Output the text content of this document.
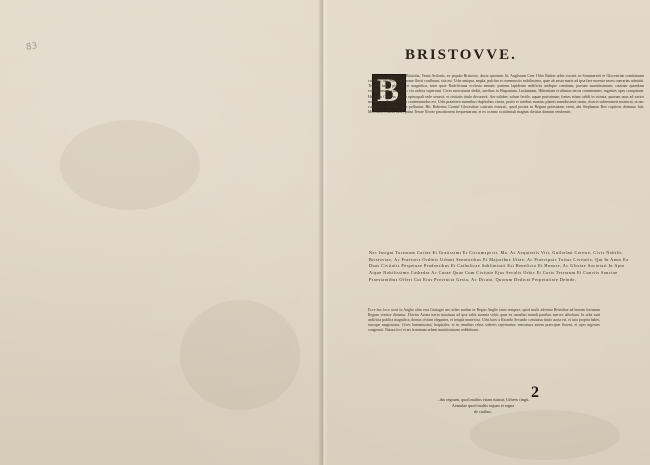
83	BRISTOVVE.
B	Bristolia, Venta Avilonis, ex populo Bristowe, ducta quorsum fit, Anglorum Ceer Odor Badon urbis vocant, in Sommerseti et Glocestriae comitatuum confinio, ubi Avona et Frome fluvii confluunt, sita est. Urbs antiqua, ampla, pulchra et commerciis nobilissima, quae ab aestu maris ad ipsa fere moenia naves onerarias admittit. Templa habet plurima et magnifica, inter quae Radcliviana ecclesia eminet; pontem lapideum aedificiis undique consitum; portum munitissimum; castrum quondam validissimum, cuius nunc vix rudera supersunt. Cives mercaturae dediti, navibus in Hispaniam, Lusitaniam, Hiberniam et ultimas terras commeantes, ingentes opes conquirunt. Henricus Octavus urbem episcopali sede ornavit, et civitatis titulo decoravit. Aer saluber, solum fertile, aquae purissimae; fontes etiam calidi in vicinia, quorum usus ad varios morbos profligandos non contemnendus est. Urbs praeterea moenibus duplicibus cincta, portis et turribus munita, plateis mundissimis strata, cloacis subterraneis instructa, ut nec coeno nec sordibus urbs polluatur. Hic Robertus Consul Glocestriae castrum extruxit, quod postea in Regum potestatem venit, ubi Stephanus Rex captivus detentus fuit. Mercatores huius urbis primi Terrae Novae piscationem frequentarunt, et ex oceano occidentali magnas divitias domum retulerunt.
Nec Insigni Turturum Curiae Et Gratissimi Et Circumspecti, Ma. Ac Aequitatis Viri, Guilielmi Carewe, Civis Nobilis Bristoviae, Ac Praetoris Ordinis Urbani Senatoribus Et Majoribus Uitae, Ac Praecipuis Totius Civitatis, Qui In Anno Ea Duas Civitatis Perpetuae Prudentibus Et Catholicae Sublimitati Est Beneficio Et Honore, Ac Gloriae Societati In Apto Atque Nobilissimo Cathedra Ac Curae Quae Cum Civitate Ejus Seculis Orbis Et Curis Terrarum Et Cunctis Sanctae Praestantibus Offert Cui Eius Provincia Gesta, Ac Dicata, Quorum Dedicat Perpetuitate Deinde.
Ecce hoc loco sicut in Anglia olim erat Cantagio nec urbes multae in Regno Anglie tanto tempore, quod multi adventu Bristoliae ad bonam fortunam Regum venisse dicuntur. Fluvius Avona naves maximas ad ipsa urbis moenia vehit, quae ex omnibus mundi partibus merces advehunt. In urbe sunt aedificia publica magnifica, domus civium elegantes, et templa numerosa. Urbs haec a Ricardo Secundo comitatus titulo aucta est, et iura propria habet, suosque magistratus. Cives humanissimi, hospitales, et in omnibus rebus solertes reperiuntur; mercatura autem praecipue florent, et opes ingentes congerunt. Natura loci et ars hominum urbem munitissimam reddiderunt.
...diu regnum, quod multos etiam tutatur, Urbem cingit.
Aemulae quod multis regum et regna
de ciuibus.
2
